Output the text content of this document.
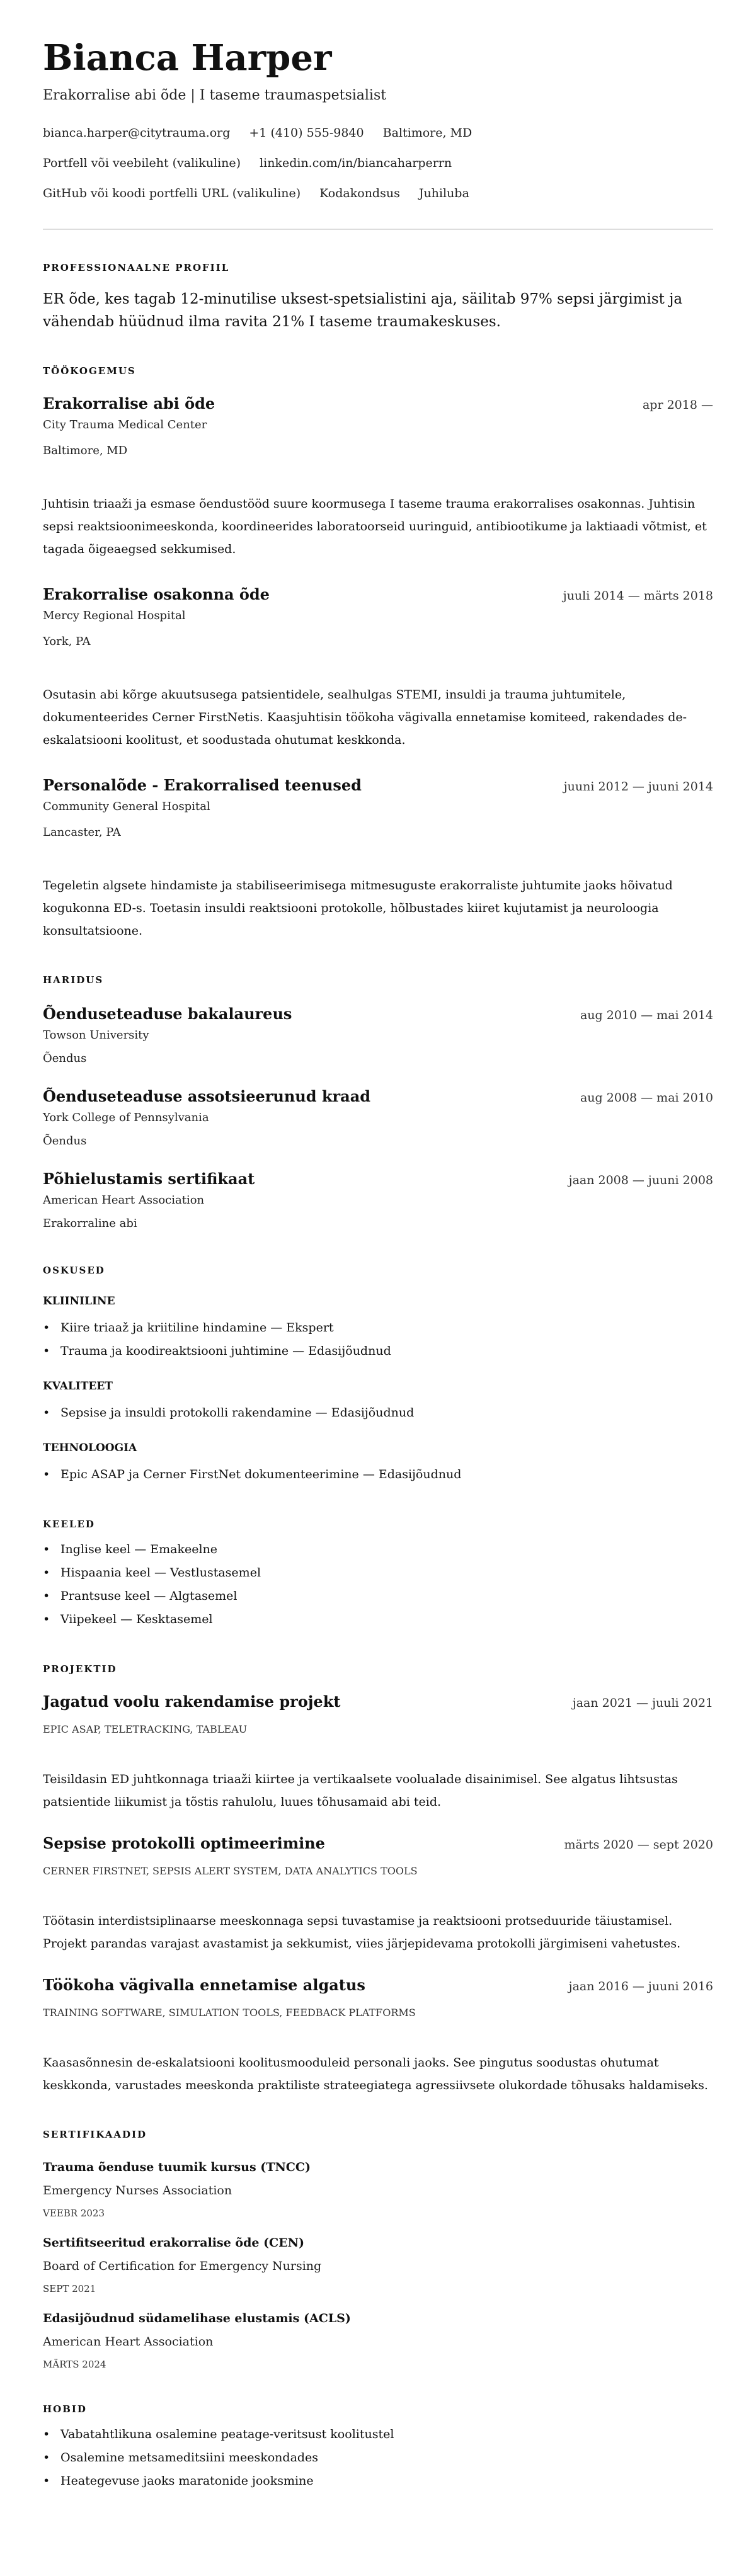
Bianca Harper
Erakorralise abi õde | I taseme traumaspetsialist
bianca.harper@citytrauma.org +1 (410) 555-9840 Baltimore, MD
Portfell või veebileht (valikuline) linkedin.com/in/biancaharperrn
GitHub või koodi portfelli URL (valikuline) Kodakondsus Juhiluba
PROFESSIONAALNE PROFIIL
ER õde, kes tagab 12-minutilise uksest-spetsialistini aja, säilitab 97% sepsi järgimist ja vähendab hüüdnud ilma ravita 21% I taseme traumakeskuses.
TÖÖKOGEMUS
Erakorralise abi õde	apr 2018 —
City Trauma Medical Center
Baltimore, MD
Juhtisin triaaži ja esmase õendustööd suure koormusega I taseme trauma erakorralises osakonnas. Juhtisin sepsi reaktsioonimeeskonda, koordineerides laboratoorseid uuringuid, antibiootikume ja laktiaadi võtmist, et tagada õigeaegsed sekkumised.
Erakorralise osakonna õde	juuli 2014 — märts 2018
Mercy Regional Hospital
York, PA
Osutasin abi kõrge akuutsusega patsientidele, sealhulgas STEMI, insuldi ja trauma juhtumitele, dokumenteerides Cerner FirstNetis. Kaasjuhtisin töökoha vägivalla ennetamise komiteed, rakendades de-eskalatsiooni koolitust, et soodustada ohutumat keskkonda.
Personalõde - Erakorralised teenused	juuni 2012 — juuni 2014
Community General Hospital
Lancaster, PA
Tegeletin algsete hindamiste ja stabiliseerimisega mitmesuguste erakorraliste juhtumite jaoks hõivatud kogukonna ED-s. Toetasin insuldi reaktsiooni protokolle, hõlbustades kiiret kujutamist ja neuroloogia konsultatsioone.
HARIDUS
Õenduseteaduse bakalaureus	aug 2010 — mai 2014
Towson University
Õendus
Õenduseteaduse assotsieerunud kraad	aug 2008 — mai 2010
York College of Pennsylvania
Õendus
Põhielustamis sertifikaat	jaan 2008 — juuni 2008
American Heart Association
Erakorraline abi
OSKUSED
KLIINILINE
• Kiire triaaž ja kriitiline hindamine — Ekspert
• Trauma ja koodireaktsiooni juhtimine — Edasijõudnud
KVALITEET
• Sepsise ja insuldi protokolli rakendamine — Edasijõudnud
TEHNOLOOGIA
• Epic ASAP ja Cerner FirstNet dokumenteerimine — Edasijõudnud
KEELED
• Inglise keel — Emakeelne
• Hispaania keel — Vestlustasemel
• Prantsuse keel — Algtasemel
• Viipekeel — Kesktasemel
PROJEKTID
Jagatud voolu rakendamise projekt	jaan 2021 — juuli 2021
EPIC ASAP, TELETRACKING, TABLEAU
Teisildasin ED juhtkonnaga triaaži kiirtee ja vertikaalsete voolualade disainimisel. See algatus lihtsustas patsientide liikumist ja tõstis rahulolu, luues tõhusamaid abi teid.
Sepsise protokolli optimeerimine	märts 2020 — sept 2020
CERNER FIRSTNET, SEPSIS ALERT SYSTEM, DATA ANALYTICS TOOLS
Töötasin interdistsiplinaarse meeskonnaga sepsi tuvastamise ja reaktsiooni protseduuride täiustamisel. Projekt parandas varajast avastamist ja sekkumist, viies järjepidevama protokolli järgimiseni vahetustes.
Töökoha vägivalla ennetamise algatus	jaan 2016 — juuni 2016
TRAINING SOFTWARE, SIMULATION TOOLS, FEEDBACK PLATFORMS
Kaasasõnnesin de-eskalatsiooni koolitusmooduleid personali jaoks. See pingutus soodustas ohutumat keskkonda, varustades meeskonda praktiliste strateegiatega agressiivsete olukordade tõhusaks haldamiseks.
SERTIFIKAADID
Trauma õenduse tuumik kursus (TNCC)
Emergency Nurses Association
VEEBR 2023
Sertifitseeritud erakorralise õde (CEN)
Board of Certification for Emergency Nursing
SEPT 2021
Edasijõudnud südamelihase elustamis (ACLS)
American Heart Association
MÄRTS 2024
HOBID
• Vabatahtlikuna osalemine peatage-veritsust koolitustel
• Osalemine metsameditsiini meeskondades
• Heategevuse jaoks maratonide jooksmine
